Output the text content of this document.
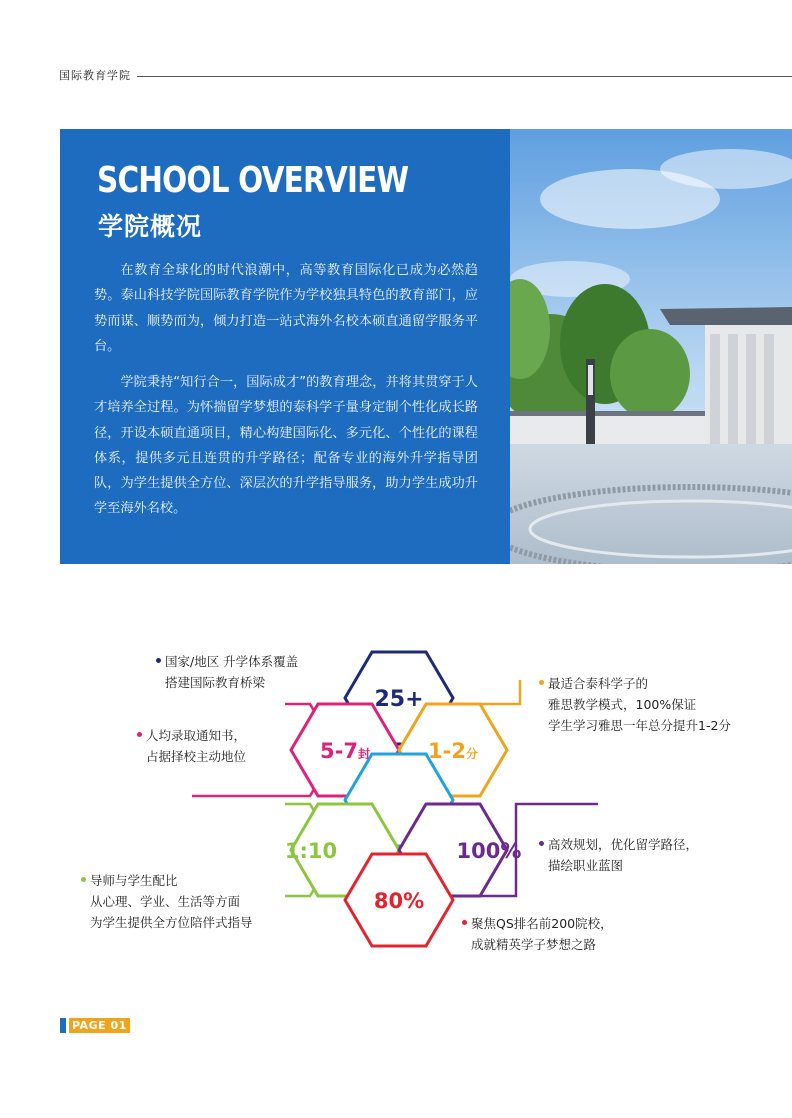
国际教育学院
SCHOOL OVERVIEW
学院概况

在教育全球化的时代浪潮中，高等教育国际化已成为必然趋势。泰山科技学院国际教育学院作为学校独具特色的教育部门，应势而谋、顺势而为，倾力打造一站式海外名校本硕直通留学服务平台。

学院秉持“知行合一，国际成才”的教育理念，并将其贯穿于人才培养全过程。为怀揣留学梦想的泰科学子量身定制个性化成长路径，开设本硕直通项目，精心构建国际化、多元化、个性化的课程体系，提供多元且连贯的升学路径；配备专业的海外升学指导团队，为学生提供全方位、深层次的升学指导服务，助力学生成功升学至海外名校。

25+
5-7封	1-2分
1:10	100%
80%
国家/地区 升学体系覆盖
搭建国际教育桥梁
人均录取通知书，
占据择校主动地位
导师与学生配比
从心理、学业、生活等方面
为学生提供全方位陪伴式指导
最适合泰科学子的
雅思教学模式，100%保证
学生学习雅思一年总分提升1-2分
高效规划，优化留学路径，
描绘职业蓝图
聚焦QS排名前200院校，
成就精英学子梦想之路
PAGE 01
